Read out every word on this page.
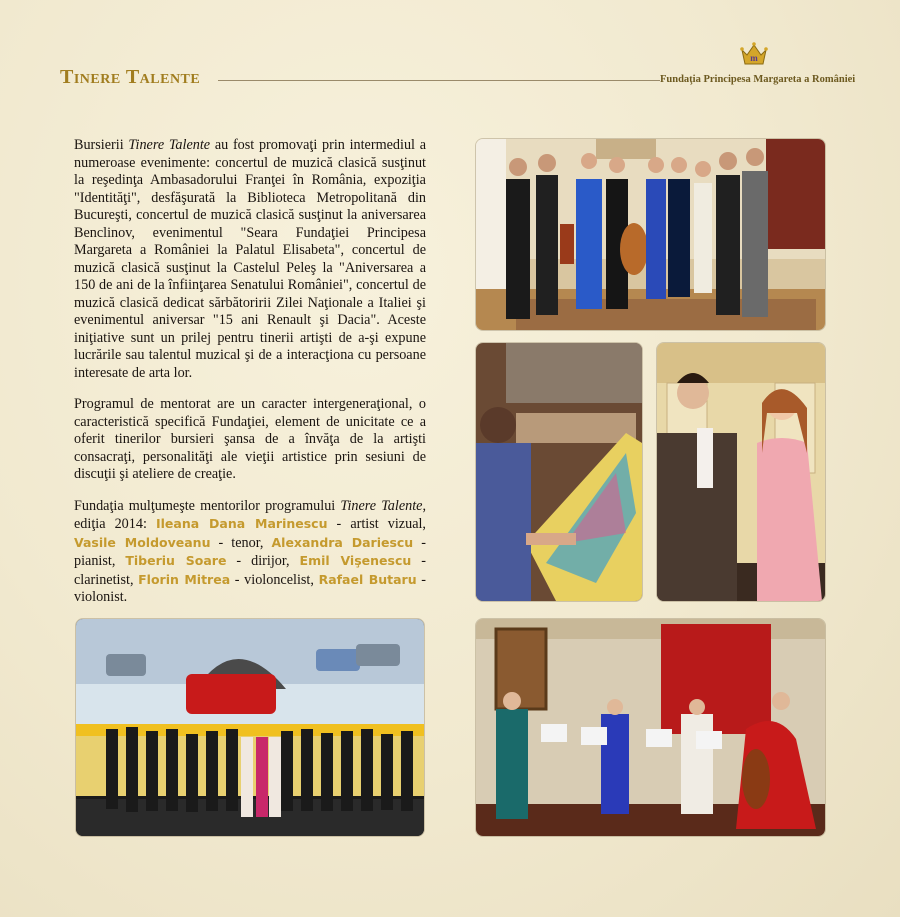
Tinere Talente
m
Fundaţia Principesa Margareta a României

Bursierii Tinere Talente au fost promovaţi prin intermediul a numeroase evenimente: concertul de muzică clasică susţinut la reşedinţa Ambasadorului Franţei în România, expoziţia "Identităţi", desfăşurată la Biblioteca Metropolitană din Bucureşti, concertul de muzică clasică susţinut la aniversarea Benclinov, evenimentul "Seara Fundaţiei Principesa Margareta a României la Palatul Elisabeta", concertul de muzică clasică susţinut la Castelul Peleş la "Aniversarea a 150 de ani de la înfiinţarea Senatului României", concertul de muzică clasică dedicat sărbătoririi Zilei Naţionale a Italiei şi evenimentul aniversar "15 ani Renault şi Dacia". Aceste iniţiative sunt un prilej pentru tinerii artişti de a-şi expune lucrările sau talentul muzical şi de a interacţiona cu persoane interesate de arta lor.

Programul de mentorat are un caracter intergeneraţional, o caracteristică specifică Fundaţiei, element de unicitate ce a oferit tinerilor bursieri şansa de a învăţa de la artişti consacraţi, personalităţi ale vieţii artistice prin sesiuni de discuţii şi ateliere de creaţie.

Fundaţia mulţumeşte mentorilor programului Tinere Talente, ediţia 2014: Ileana Dana Marinescu - artist vizual, Vasile Moldoveanu - tenor, Alexandra Dariescu - pianist, Tiberiu Soare - dirijor, Emil Vişenescu - clarinetist, Florin Mitrea - violoncelist, Rafael Butaru - violonist.
